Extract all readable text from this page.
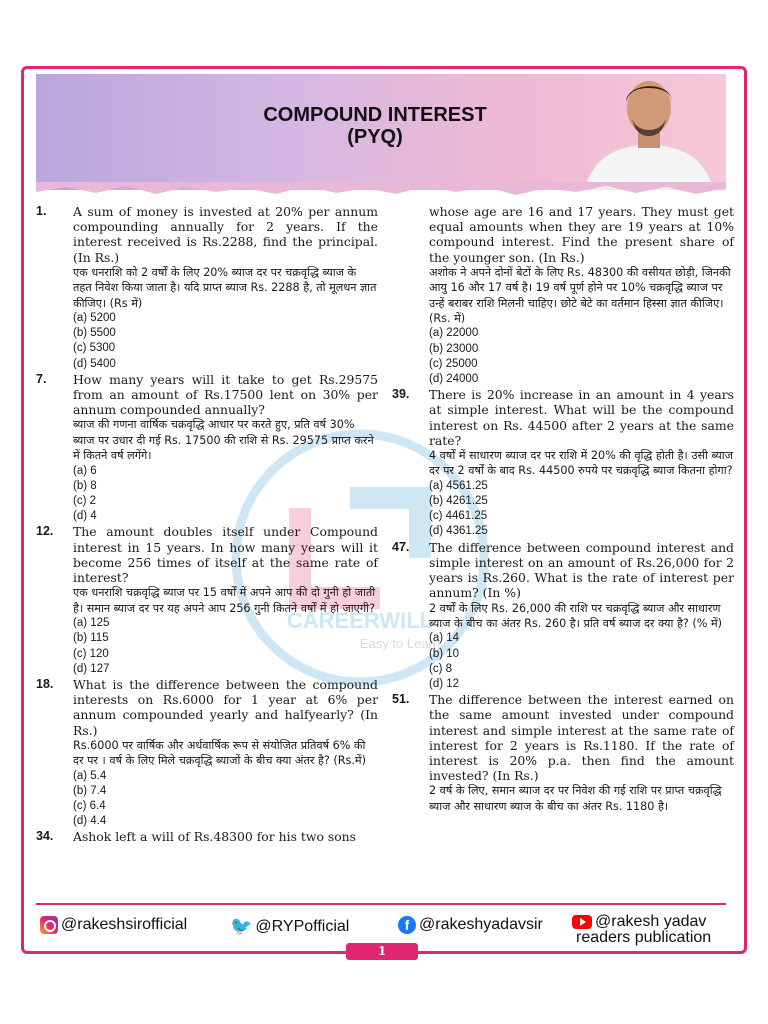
COMPOUND INTEREST
(PYQ)
CAREERWILL
Easy to Learn
1. A sum of money is invested at 20% per annum compounding annually for 2 years. If the interest received is Rs.2288, find the principal. (In Rs.)

एक धनराशि को 2 वर्षों के लिए 20% ब्याज दर पर चक्रवृद्धि ब्याज के तहत निवेश किया जाता है। यदि प्राप्त ब्याज Rs. 2288 है, तो मूलधन ज्ञात कीजिए। (Rs में)

(a) 5200

(b) 5500

(c) 5300

(d) 5400

7. How many years will it take to get Rs.29575 from an amount of Rs.17500 lent on 30% per annum compounded annually?

ब्याज की गणना वार्षिक चक्रवृद्धि आधार पर करते हुए, प्रति वर्ष 30% ब्याज पर उधार दी गई Rs. 17500 की राशि से Rs. 29575 प्राप्त करने में कितने वर्ष लगेंगे।

(a) 6

(b) 8

(c) 2

(d) 4

12. The amount doubles itself under Compound interest in 15 years. In how many years will it become 256 times of itself at the same rate of interest?

एक धनराशि चक्रवृद्धि ब्याज पर 15 वर्षों में अपने आप की दो गुनी हो जाती है। समान ब्याज दर पर यह अपने आप 256 गुनी कितने वर्षों में हो जाएगी?

(a) 125

(b) 115

(c) 120

(d) 127

18. What is the difference between the compound interests on Rs.6000 for 1 year at 6% per annum compounded yearly and halfyearly? (In Rs.)

Rs.6000 पर वार्षिक और अर्धवार्षिक रूप से संयोजित प्रतिवर्ष 6% की दर पर । वर्ष के लिए मिले चक्रवृद्धि ब्याजों के बीच क्या अंतर है? (Rs.में)

(a) 5.4

(b) 7.4

(c) 6.4

(d) 4.4

34. Ashok left a will of Rs.48300 for his two sons

whose age are 16 and 17 years. They must get equal amounts when they are 19 years at 10% compound interest. Find the present share of the younger son. (In Rs.)

अशोक ने अपने दोनों बेटों के लिए Rs. 48300 की वसीयत छोड़ी, जिनकी आयु 16 और 17 वर्ष है। 19 वर्ष पूर्ण होने पर 10% चक्रवृद्धि ब्याज पर उन्हें बराबर राशि मिलनी चाहिए। छोटे बेटे का वर्तमान हिस्सा ज्ञात कीजिए। (Rs. में)

(a) 22000

(b) 23000

(c) 25000

(d) 24000

39. There is 20% increase in an amount in 4 years at simple interest. What will be the compound interest on Rs. 44500 after 2 years at the same rate?

4 वर्षों में साधारण ब्याज दर पर राशि में 20% की वृद्धि होती है। उसी ब्याज दर पर 2 वर्षों के बाद Rs. 44500 रुपये पर चक्रवृद्धि ब्याज कितना होगा?

(a) 4561.25

(b) 4261.25

(c) 4461.25

(d) 4361.25

47. The difference between compound interest and simple interest on an amount of Rs.26,000 for 2 years is Rs.260. What is the rate of interest per annum? (In %)

2 वर्षों के लिए Rs. 26,000 की राशि पर चक्रवृद्धि ब्याज और साधारण ब्याज के बीच का अंतर Rs. 260 है। प्रति वर्ष ब्याज दर क्या है? (% में)

(a) 14

(b) 10

(c) 8

(d) 12

51. The difference between the interest earned on the same amount invested under compound interest and simple interest at the same rate of interest for 2 years is Rs.1180. If the rate of interest is 20% p.a. then find the amount invested? (In Rs.)

2 वर्ष के लिए, समान ब्याज दर पर निवेश की गई राशि पर प्राप्त चक्रवृद्धि ब्याज और साधारण ब्याज के बीच का अंतर Rs. 1180 है।

@rakeshsirofficial 🐦 @RYPofficial	f @rakeshyadavsir	@rakesh yadav
readers publication
1
